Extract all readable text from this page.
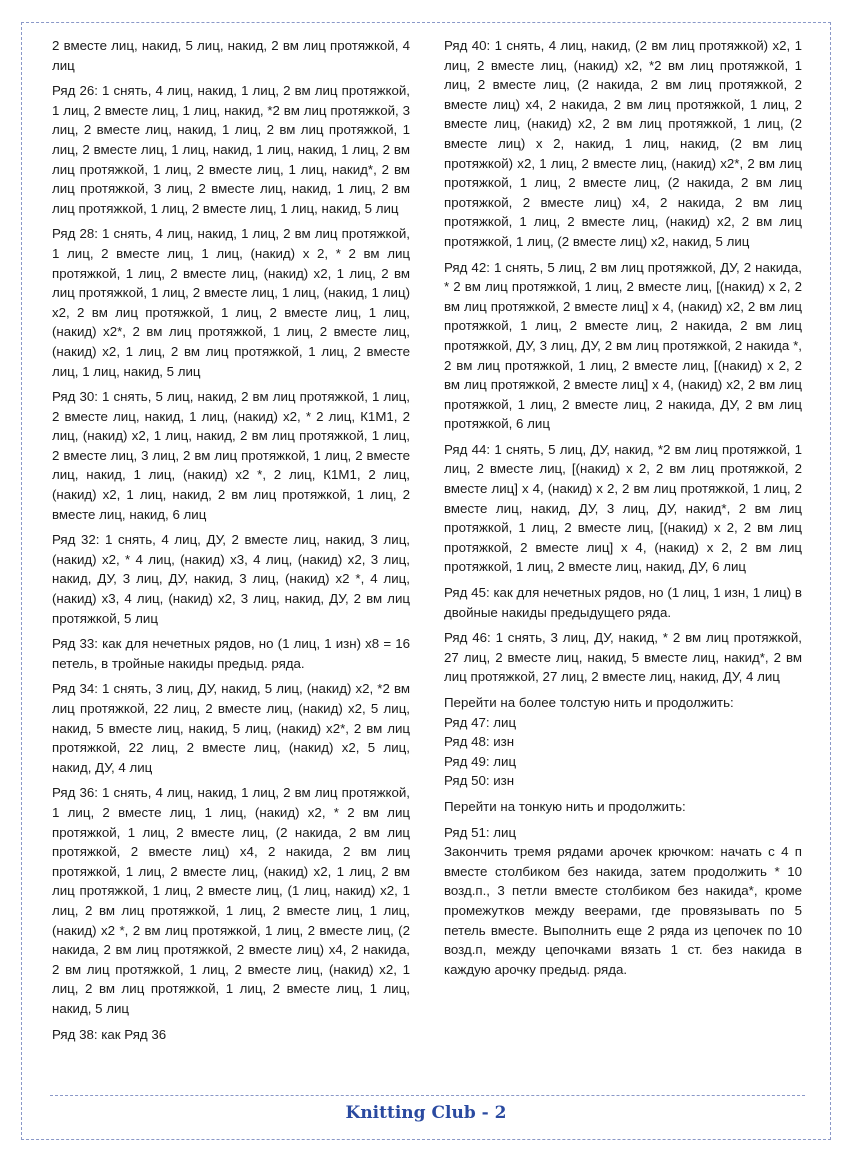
2 вместе лиц, накид, 5 лиц, накид, 2 вм лиц протяжкой, 4 лиц

Ряд 26: 1 снять, 4 лиц, накид, 1 лиц, 2 вм лиц протяжкой, 1 лиц, 2 вместе лиц, 1 лиц, накид, *2 вм лиц протяжкой, 3 лиц, 2 вместе лиц, накид, 1 лиц, 2 вм лиц протяжкой, 1 лиц, 2 вместе лиц, 1 лиц, накид, 1 лиц, накид, 1 лиц, 2 вм лиц протяжкой, 1 лиц, 2 вместе лиц, 1 лиц, накид*, 2 вм лиц протяжкой, 3 лиц, 2 вместе лиц, накид, 1 лиц, 2 вм лиц протяжкой, 1 лиц, 2 вместе лиц, 1 лиц, накид, 5 лиц

Ряд 28: 1 снять, 4 лиц, накид, 1 лиц, 2 вм лиц протяжкой, 1 лиц, 2 вместе лиц, 1 лиц, (накид) х 2, * 2 вм лиц протяжкой, 1 лиц, 2 вместе лиц, (накид) х2, 1 лиц, 2 вм лиц протяжкой, 1 лиц, 2 вместе лиц, 1 лиц, (накид, 1 лиц) х2, 2 вм лиц протяжкой, 1 лиц, 2 вместе лиц, 1 лиц, (накид) х2*, 2 вм лиц протяжкой, 1 лиц, 2 вместе лиц, (накид) х2, 1 лиц, 2 вм лиц протяжкой, 1 лиц, 2 вместе лиц, 1 лиц, накид, 5 лиц

Ряд 30: 1 снять, 5 лиц, накид, 2 вм лиц протяжкой, 1 лиц, 2 вместе лиц, накид, 1 лиц, (накид) х2, * 2 лиц, К1М1, 2 лиц, (накид) х2, 1 лиц, накид, 2 вм лиц протяжкой, 1 лиц, 2 вместе лиц, 3 лиц, 2 вм лиц протяжкой, 1 лиц, 2 вместе лиц, накид, 1 лиц, (накид) х2 *, 2 лиц, К1М1, 2 лиц, (накид) х2, 1 лиц, накид, 2 вм лиц протяжкой, 1 лиц, 2 вместе лиц, накид, 6 лиц

Ряд 32: 1 снять, 4 лиц, ДУ, 2 вместе лиц, накид, 3 лиц, (накид) х2, * 4 лиц, (накид) х3, 4 лиц, (накид) х2, 3 лиц, накид, ДУ, 3 лиц, ДУ, накид, 3 лиц, (накид) х2 *, 4 лиц, (накид) х3, 4 лиц, (накид) х2, 3 лиц, накид, ДУ, 2 вм лиц протяжкой, 5 лиц

Ряд 33: как для нечетных рядов, но (1 лиц, 1 изн) х8 = 16 петель, в тройные накиды предыд. ряда.

Ряд 34: 1 снять, 3 лиц, ДУ, накид, 5 лиц, (накид) х2, *2 вм лиц протяжкой, 22 лиц, 2 вместе лиц, (накид) х2, 5 лиц, накид, 5 вместе лиц, накид, 5 лиц, (накид) х2*, 2 вм лиц протяжкой, 22 лиц, 2 вместе лиц, (накид) х2, 5 лиц, накид, ДУ, 4 лиц

Ряд 36: 1 снять, 4 лиц, накид, 1 лиц, 2 вм лиц протяжкой, 1 лиц, 2 вместе лиц, 1 лиц, (накид) х2, * 2 вм лиц протяжкой, 1 лиц, 2 вместе лиц, (2 накида, 2 вм лиц протяжкой, 2 вместе лиц) х4, 2 накида, 2 вм лиц протяжкой, 1 лиц, 2 вместе лиц, (накид) х2, 1 лиц, 2 вм лиц протяжкой, 1 лиц, 2 вместе лиц, (1 лиц, накид) х2, 1 лиц, 2 вм лиц протяжкой, 1 лиц, 2 вместе лиц, 1 лиц, (накид) х2 *, 2 вм лиц протяжкой, 1 лиц, 2 вместе лиц, (2 накида, 2 вм лиц протяжкой, 2 вместе лиц) х4, 2 накида, 2 вм лиц протяжкой, 1 лиц, 2 вместе лиц, (накид) х2, 1 лиц, 2 вм лиц протяжкой, 1 лиц, 2 вместе лиц, 1 лиц, накид, 5 лиц

Ряд 38: как Ряд 36

Ряд 40: 1 снять, 4 лиц, накид, (2 вм лиц протяжкой) х2, 1 лиц, 2 вместе лиц, (накид) х2, *2 вм лиц протяжкой, 1 лиц, 2 вместе лиц, (2 накида, 2 вм лиц протяжкой, 2 вместе лиц) х4, 2 накида, 2 вм лиц протяжкой, 1 лиц, 2 вместе лиц, (накид) х2, 2 вм лиц протяжкой, 1 лиц, (2 вместе лиц) х 2, накид, 1 лиц, накид, (2 вм лиц протяжкой) х2, 1 лиц, 2 вместе лиц, (накид) х2*, 2 вм лиц протяжкой, 1 лиц, 2 вместе лиц, (2 накида, 2 вм лиц протяжкой, 2 вместе лиц) х4, 2 накида, 2 вм лиц протяжкой, 1 лиц, 2 вместе лиц, (накид) х2, 2 вм лиц протяжкой, 1 лиц, (2 вместе лиц) х2, накид, 5 лиц

Ряд 42: 1 снять, 5 лиц, 2 вм лиц протяжкой, ДУ, 2 накида, * 2 вм лиц протяжкой, 1 лиц, 2 вместе лиц, [(накид) х 2, 2 вм лиц протяжкой, 2 вместе лиц] х 4, (накид) х2, 2 вм лиц протяжкой, 1 лиц, 2 вместе лиц, 2 накида, 2 вм лиц протяжкой, ДУ, 3 лиц, ДУ, 2 вм лиц протяжкой, 2 накида *, 2 вм лиц протяжкой, 1 лиц, 2 вместе лиц, [(накид) х 2, 2 вм лиц протяжкой, 2 вместе лиц] х 4, (накид) х2, 2 вм лиц протяжкой, 1 лиц, 2 вместе лиц, 2 накида, ДУ, 2 вм лиц протяжкой, 6 лиц

Ряд 44: 1 снять, 5 лиц, ДУ, накид, *2 вм лиц протяжкой, 1 лиц, 2 вместе лиц, [(накид) х 2, 2 вм лиц протяжкой, 2 вместе лиц] х 4, (накид) х 2, 2 вм лиц протяжкой, 1 лиц, 2 вместе лиц, накид, ДУ, 3 лиц, ДУ, накид*, 2 вм лиц протяжкой, 1 лиц, 2 вместе лиц, [(накид) х 2, 2 вм лиц протяжкой, 2 вместе лиц] х 4, (накид) х 2, 2 вм лиц протяжкой, 1 лиц, 2 вместе лиц, накид, ДУ, 6 лиц

Ряд 45: как для нечетных рядов, но (1 лиц, 1 изн, 1 лиц) в двойные накиды предыдущего ряда.

Ряд 46: 1 снять, 3 лиц, ДУ, накид, * 2 вм лиц протяжкой, 27 лиц, 2 вместе лиц, накид, 5 вместе лиц, накид*, 2 вм лиц протяжкой, 27 лиц, 2 вместе лиц, накид, ДУ, 4 лиц

Перейти на более толстую нить и продолжить:

Ряд 47: лиц

Ряд 48: изн

Ряд 49: лиц

Ряд 50: изн

Перейти на тонкую нить и продолжить:

Ряд 51: лиц

Закончить тремя рядами арочек крючком: начать с 4 п вместе столбиком без накида, затем продолжить * 10 возд.п., 3 петли вместе столбиком без накида*, кроме промежутков между веерами, где провязывать по 5 петель вместе. Выполнить еще 2 ряда из цепочек по 10 возд.п, между цепочками вязать 1 ст. без накида в каждую арочку предыд. ряда.

Knitting Club - 2
